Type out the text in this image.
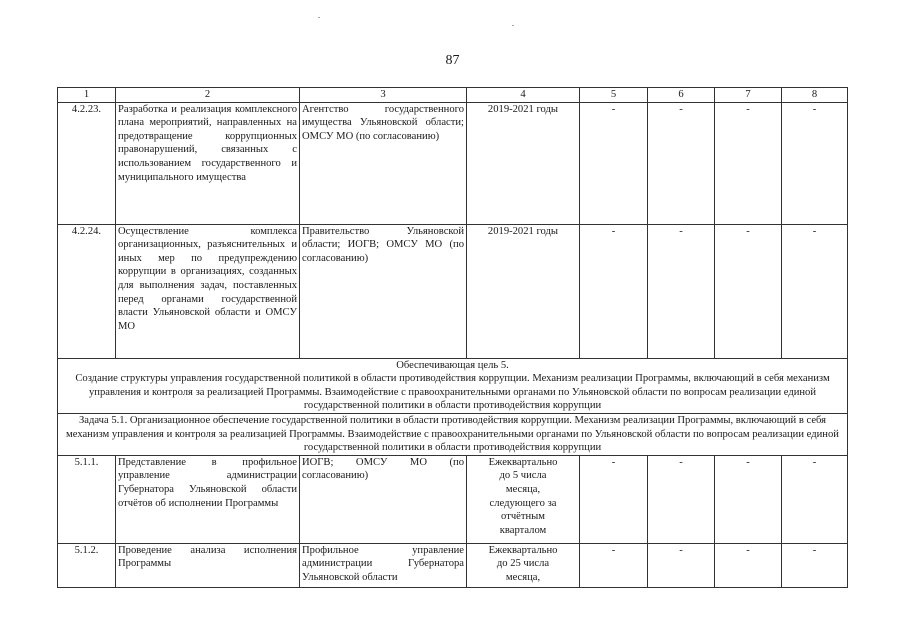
87
1	2	3	4	5	6	7	8
4.2.23.	Разработка и реализация комплексного плана мероприятий, направленных на предотвращение коррупционных правонарушений, связанных с использованием государственного и муниципального имущества	Агентство государственного имущества Ульяновской области; ОМСУ МО (по согласованию)	2019-2021 годы	-	-	-	-
4.2.24.	Осуществление комплекса организационных, разъяснительных и иных мер по предупреждению коррупции в организациях, созданных для выполнения задач, поставленных перед органами государственной власти Ульяновской области и ОМСУ МО	Правительство Ульяновской области; ИОГВ; ОМСУ МО (по согласованию)	2019-2021 годы	-	-	-	-

Обеспечивающая цель 5.
Создание структуры управления государственной политикой в области противодействия коррупции. Механизм реализации Программы, включающий в себя механизм управления и контроля за реализацией Программы. Взаимодействие с правоохранительными органами по Ульяновской области по вопросам реализации единой государственной политики в области противодействия коррупции							

Задача 5.1. Организационное обеспечение государственной политики в области противодействия коррупции. Механизм реализации Программы, включающий в себя механизм управления и контроля за реализацией Программы. Взаимодействие с правоохранительными органами по Ульяновской области по вопросам реализации единой государственной политики в области противодействия коррупции							
5.1.1.	Представление в профильное управление администрации Губернатора Ульяновской области отчётов об исполнении Программы	ИОГВ; ОМСУ МО (по согласованию)	Ежеквартально до 5 числа месяца, следующего за отчётным кварталом	-	-	-	-
5.1.2.	Проведение анализа исполнения Программы	Профильное управление администрации Губернатора Ульяновской области	Ежеквартально до 25 числа месяца,	-	-	-	-
